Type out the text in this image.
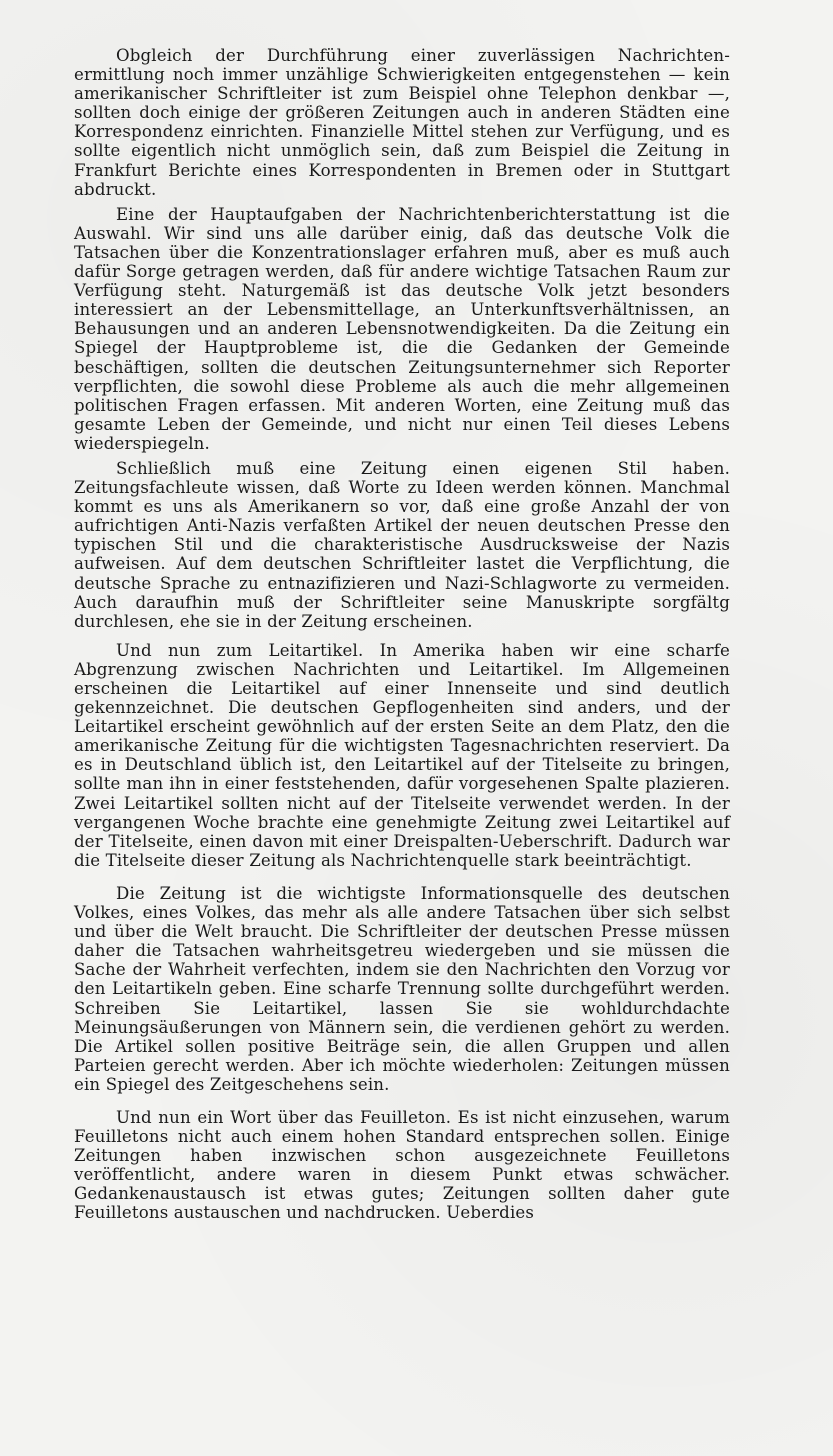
Obgleich der Durchführung einer zuverlässigen Nachrichten-ermittlung noch immer unzählige Schwierigkeiten entgegenstehen — kein amerikanischer Schriftleiter ist zum Beispiel ohne Telephon denkbar —, sollten doch einige der größeren Zeitungen auch in anderen Städten eine Korrespondenz einrichten. Finanzielle Mittel stehen zur Verfügung, und es sollte eigentlich nicht unmöglich sein, daß zum Beispiel die Zeitung in Frankfurt Berichte eines Korrespondenten in Bremen oder in Stuttgart abdruckt.

Eine der Hauptaufgaben der Nachrichtenberichterstattung ist die Auswahl. Wir sind uns alle darüber einig, daß das deutsche Volk die Tatsachen über die Konzentrationslager erfahren muß, aber es muß auch dafür Sorge getragen werden, daß für andere wichtige Tatsachen Raum zur Verfügung steht. Naturgemäß ist das deutsche Volk jetzt besonders interessiert an der Lebensmittellage, an Unterkunftsverhältnissen, an Behausungen und an anderen Lebensnotwendigkeiten. Da die Zeitung ein Spiegel der Hauptprobleme ist, die die Gedanken der Gemeinde beschäftigen, sollten die deutschen Zeitungsunternehmer sich Reporter verpflichten, die sowohl diese Probleme als auch die mehr allgemeinen politischen Fragen erfassen. Mit anderen Worten, eine Zeitung muß das gesamte Leben der Gemeinde, und nicht nur einen Teil dieses Lebens wiederspiegeln.

Schließlich muß eine Zeitung einen eigenen Stil haben. Zeitungsfachleute wissen, daß Worte zu Ideen werden können. Manchmal kommt es uns als Amerikanern so vor, daß eine große Anzahl der von aufrichtigen Anti-Nazis verfaßten Artikel der neuen deutschen Presse den typischen Stil und die charakteristische Ausdrucksweise der Nazis aufweisen. Auf dem deutschen Schriftleiter lastet die Verpflichtung, die deutsche Sprache zu entnazifizieren und Nazi-Schlagworte zu vermeiden. Auch daraufhin muß der Schriftleiter seine Manuskripte sorgfältg durchlesen, ehe sie in der Zeitung erscheinen.

Und nun zum Leitartikel. In Amerika haben wir eine scharfe Abgrenzung zwischen Nachrichten und Leitartikel. Im Allgemeinen erscheinen die Leitartikel auf einer Innenseite und sind deutlich gekennzeichnet. Die deutschen Gepflogenheiten sind anders, und der Leitartikel erscheint gewöhnlich auf der ersten Seite an dem Platz, den die amerikanische Zeitung für die wichtigsten Tagesnachrichten reserviert. Da es in Deutschland üblich ist, den Leitartikel auf der Titelseite zu bringen, sollte man ihn in einer feststehenden, dafür vorgesehenen Spalte plazieren. Zwei Leitartikel sollten nicht auf der Titelseite verwendet werden. In der vergangenen Woche brachte eine genehmigte Zeitung zwei Leitartikel auf der Titelseite, einen davon mit einer Dreispalten-Ueberschrift. Dadurch war die Titelseite dieser Zeitung als Nachrichtenquelle stark beeinträchtigt.

Die Zeitung ist die wichtigste Informationsquelle des deutschen Volkes, eines Volkes, das mehr als alle andere Tatsachen über sich selbst und über die Welt braucht. Die Schriftleiter der deutschen Presse müssen daher die Tatsachen wahrheitsgetreu wiedergeben und sie müssen die Sache der Wahrheit verfechten, indem sie den Nachrichten den Vorzug vor den Leitartikeln geben. Eine scharfe Trennung sollte durchgeführt werden. Schreiben Sie Leitartikel, lassen Sie sie wohldurchdachte Meinungsäußerungen von Männern sein, die verdienen gehört zu werden. Die Artikel sollen positive Beiträge sein, die allen Gruppen und allen Parteien gerecht werden. Aber ich möchte wiederholen: Zeitungen müssen ein Spiegel des Zeitgeschehens sein.

Und nun ein Wort über das Feuilleton. Es ist nicht einzusehen, warum Feuilletons nicht auch einem hohen Standard entsprechen sollen. Einige Zeitungen haben inzwischen schon ausgezeichnete Feuilletons veröffentlicht, andere waren in diesem Punkt etwas schwächer. Gedankenaustausch ist etwas gutes; Zeitungen sollten daher gute Feuilletons austauschen und nachdrucken. Ueberdies
